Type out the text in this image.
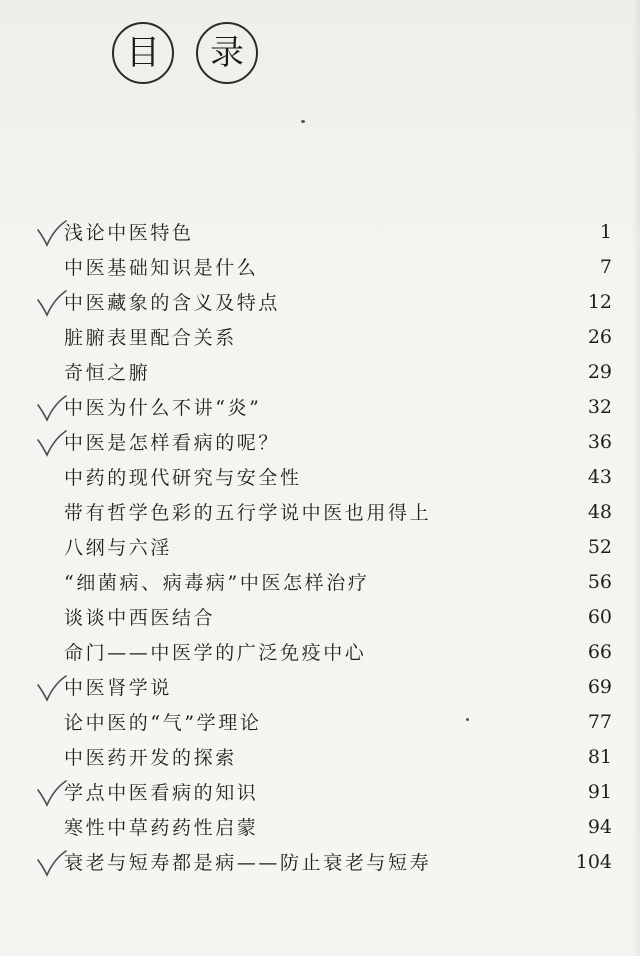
目	录
浅论中医特色	1
中医基础知识是什么	7
中医藏象的含义及特点	12
脏腑表里配合关系	26
奇恒之腑	29
中医为什么不讲“炎”	32
中医是怎样看病的呢？	36
中药的现代研究与安全性	43
带有哲学色彩的五行学说中医也用得上	48
八纲与六淫	52
“细菌病、病毒病”中医怎样治疗	56
谈谈中西医结合	60
命门——中医学的广泛免疫中心	66
中医肾学说	69
论中医的“气”学理论	77
中医药开发的探索	81
学点中医看病的知识	91
寒性中草药药性启蒙	94
衰老与短寿都是病——防止衰老与短寿	104
